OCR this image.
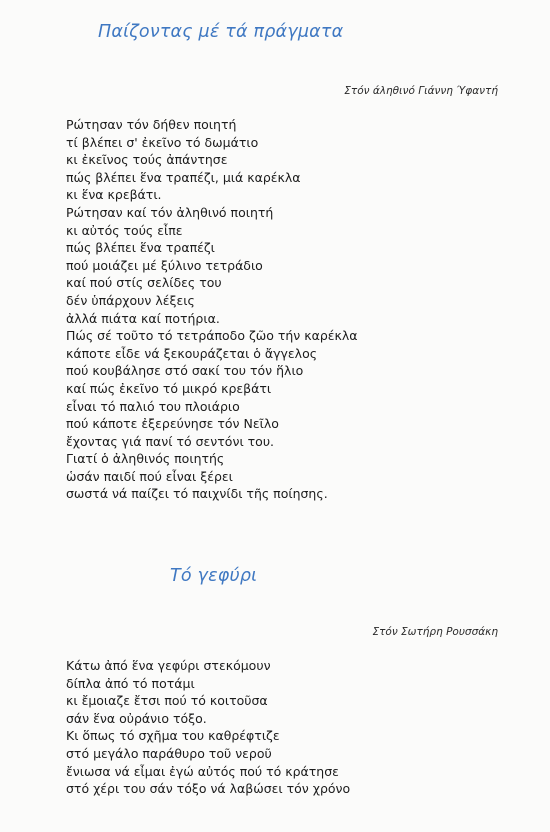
Παίζοντας μέ τά πράγματα

Στόν άληθινό Γιάννη Ύφαντή

Ρώτησαν τόν δήθεν ποιητή
τί βλέπει σ' ἐκεῖνο τό δωμάτιο
κι ἐκεῖνος τούς ἀπάντησε
πώς βλέπει ἕνα τραπέζι, μιά καρέκλα
κι ἕνα κρεβάτι.
Ρώτησαν καί τόν ἀληθινό ποιητή
κι αὐτός τούς εἶπε
πώς βλέπει ἕνα τραπέζι
πού μοιάζει μέ ξύλινο τετράδιο
καί πού στίς σελίδες του
δέν ὑπάρχουν λέξεις
ἀλλά πιάτα καί ποτήρια.
Πώς σέ τοῦτο τό τετράποδο ζῶο τήν καρέκλα
κάποτε εἶδε νά ξεκουράζεται ὁ ἄγγελος
πού κουβάλησε στό σακί του τόν ἥλιο
καί πώς ἐκεῖνο τό μικρό κρεβάτι
εἶναι τό παλιό του πλοιάριο
πού κάποτε ἐξερεύνησε τόν Νεῖλο
ἔχοντας γιά πανί τό σεντόνι του.
Γιατί ὁ ἀληθινός ποιητής
ὡσάν παιδί πού εἶναι ξέρει
σωστά νά παίζει τό παιχνίδι τῆς ποίησης.
Τό γεφύρι

Στόν Σωτήρη Ρουσσάκη

Κάτω ἀπό ἕνα γεφύρι στεκόμουν
δίπλα ἀπό τό ποτάμι
κι ἔμοιαζε ἔτσι πού τό κοιτοῦσα
σάν ἕνα οὐράνιο τόξο.
Κι ὅπως τό σχῆμα του καθρέφτιζε
στό μεγάλο παράθυρο τοῦ νεροῦ
ἔνιωσα νά εἶμαι ἐγώ αὐτός πού τό κράτησε
στό χέρι του σάν τόξο νά λαβώσει τόν χρόνο
